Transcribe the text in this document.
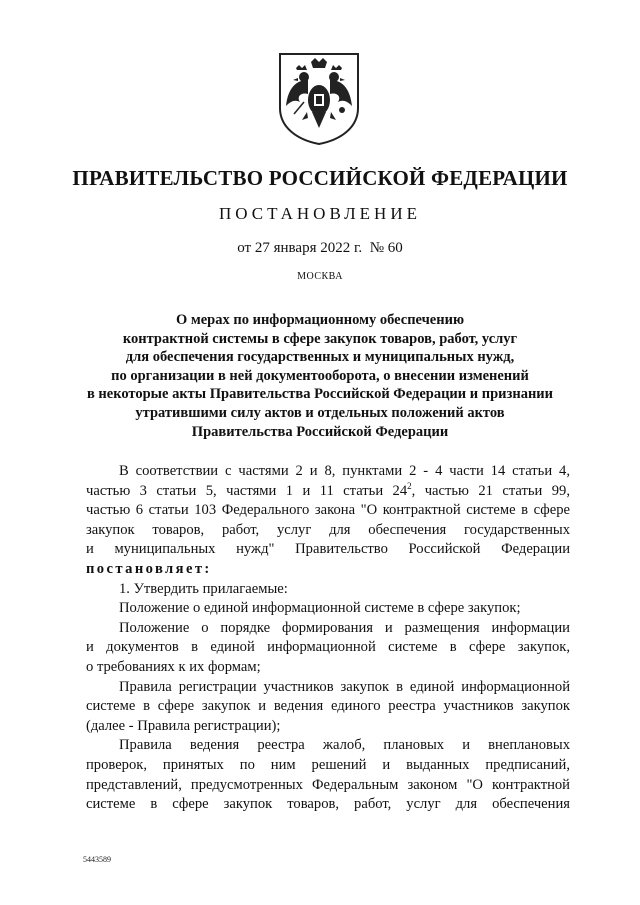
ПРАВИТЕЛЬСТВО РОССИЙСКОЙ ФЕДЕРАЦИИ
ПОСТАНОВЛЕНИЕ
от 27 января 2022 г. № 60
МОСКВА
О мерах по информационному обеспечению
контрактной системы в сфере закупок товаров, работ, услуг
для обеспечения государственных и муниципальных нужд,
по организации в ней документооборота, о внесении изменений
в некоторые акты Правительства Российской Федерации и признании
утратившими силу актов и отдельных положений актов
Правительства Российской Федерации
В соответствии с частями 2 и 8, пунктами 2 - 4 части 14 статьи 4,
частью 3 статьи 5, частями 1 и 11 статьи $24^2$, частью 21 статьи 99,
частью 6 статьи 103 Федерального закона "О контрактной системе в сфере
закупок товаров, работ, услуг для обеспечения государственных
и муниципальных нужд" Правительство Российской Федерации
постановляет:
1. Утвердить прилагаемые:
Положение о единой информационной системе в сфере закупок;
Положение о порядке формирования и размещения информации
и документов в единой информационной системе в сфере закупок,
о требованиях к их формам;
Правила регистрации участников закупок в единой информационной
системе в сфере закупок и ведения единого реестра участников закупок
(далее - Правила регистрации);
Правила ведения реестра жалоб, плановых и внеплановых
проверок, принятых по ним решений и выданных предписаний,
представлений, предусмотренных Федеральным законом "О контрактной
системе в сфере закупок товаров, работ, услуг для обеспечения
5443589
